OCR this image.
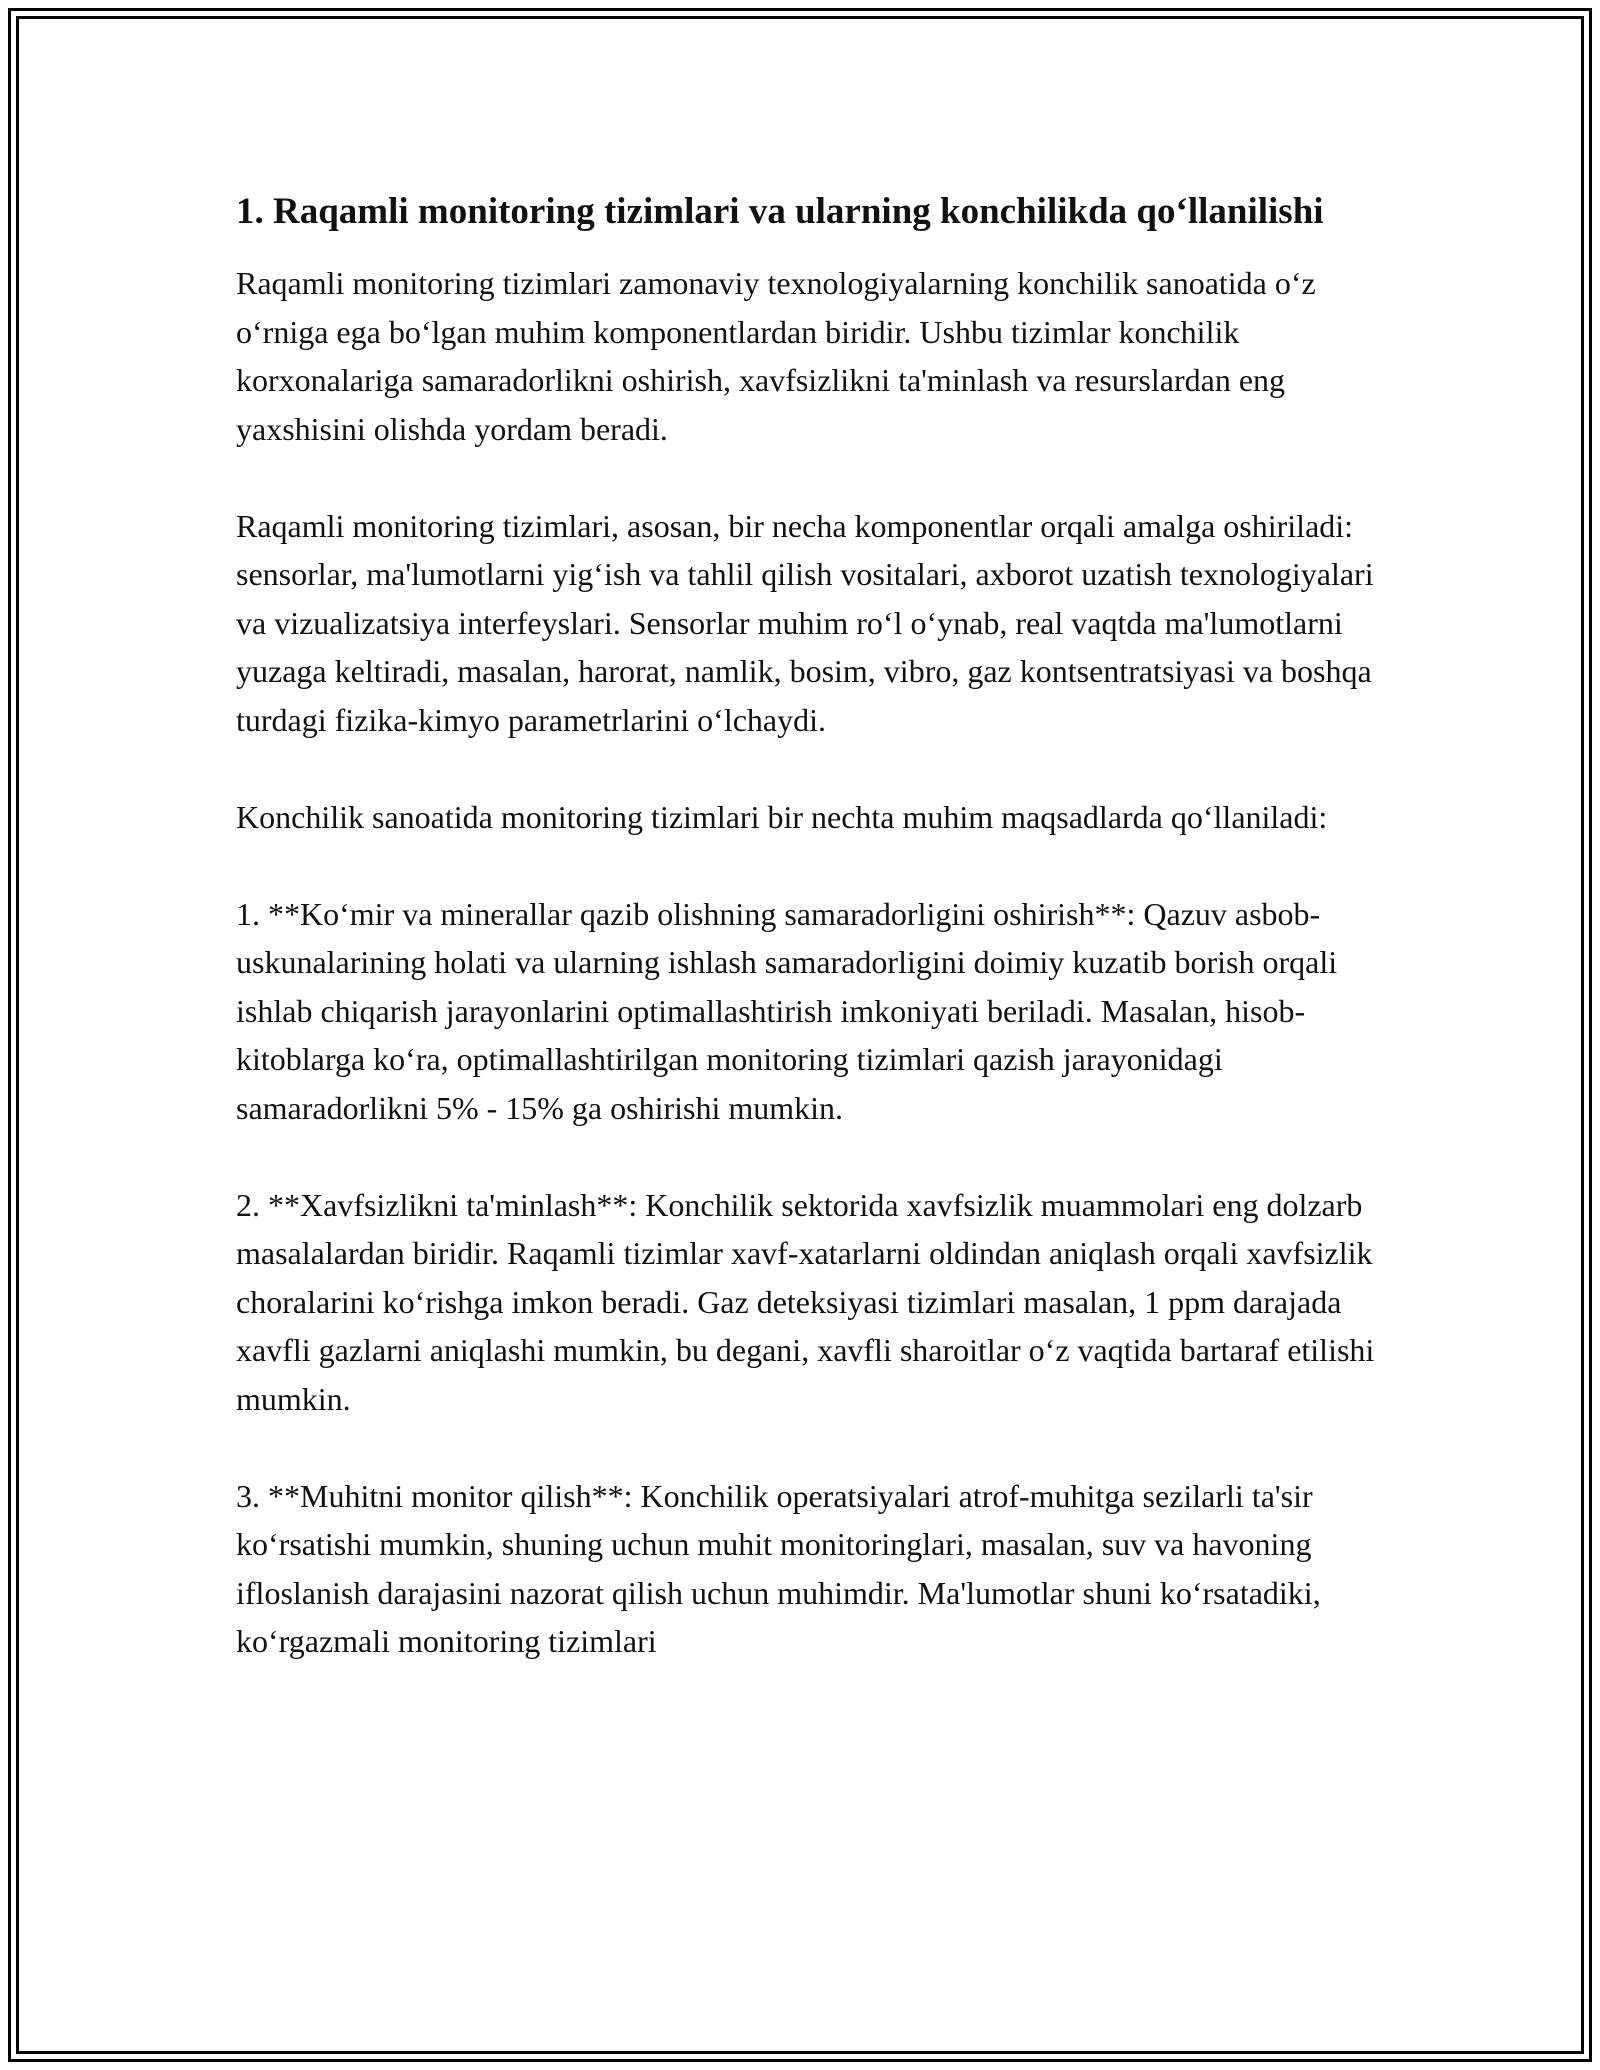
1. Raqamli monitoring tizimlari va ularning konchilikda qo‘llanilishi

Raqamli monitoring tizimlari zamonaviy texnologiyalarning konchilik sanoatida o‘z o‘rniga ega bo‘lgan muhim komponentlardan biridir. Ushbu tizimlar konchilik korxonalariga samaradorlikni oshirish, xavfsizlikni ta'minlash va resurslardan eng yaxshisini olishda yordam beradi.

Raqamli monitoring tizimlari, asosan, bir necha komponentlar orqali amalga oshiriladi: sensorlar, ma'lumotlarni yig‘ish va tahlil qilish vositalari, axborot uzatish texnologiyalari va vizualizatsiya interfeyslari. Sensorlar muhim ro‘l o‘ynab, real vaqtda ma'lumotlarni yuzaga keltiradi, masalan, harorat, namlik, bosim, vibro, gaz kontsentratsiyasi va boshqa turdagi fizika-kimyo parametrlarini o‘lchaydi.

Konchilik sanoatida monitoring tizimlari bir nechta muhim maqsadlarda qo‘llaniladi:

1. **Ko‘mir va minerallar qazib olishning samaradorligini oshirish**: Qazuv asbob-uskunalarining holati va ularning ishlash samaradorligini doimiy kuzatib borish orqali ishlab chiqarish jarayonlarini optimallashtirish imkoniyati beriladi. Masalan, hisob-kitoblarga ko‘ra, optimallashtirilgan monitoring tizimlari qazish jarayonidagi samaradorlikni 5% - 15% ga oshirishi mumkin.

2. **Xavfsizlikni ta'minlash**: Konchilik sektorida xavfsizlik muammolari eng dolzarb masalalardan biridir. Raqamli tizimlar xavf-xatarlarni oldindan aniqlash orqali xavfsizlik choralarini ko‘rishga imkon beradi. Gaz deteksiyasi tizimlari masalan, 1 ppm darajada xavfli gazlarni aniqlashi mumkin, bu degani, xavfli sharoitlar o‘z vaqtida bartaraf etilishi mumkin.

3. **Muhitni monitor qilish**: Konchilik operatsiyalari atrof-muhitga sezilarli ta'sir ko‘rsatishi mumkin, shuning uchun muhit monitoringlari, masalan, suv va havoning ifloslanish darajasini nazorat qilish uchun muhimdir. Ma'lumotlar shuni ko‘rsatadiki, ko‘rgazmali monitoring tizimlari
